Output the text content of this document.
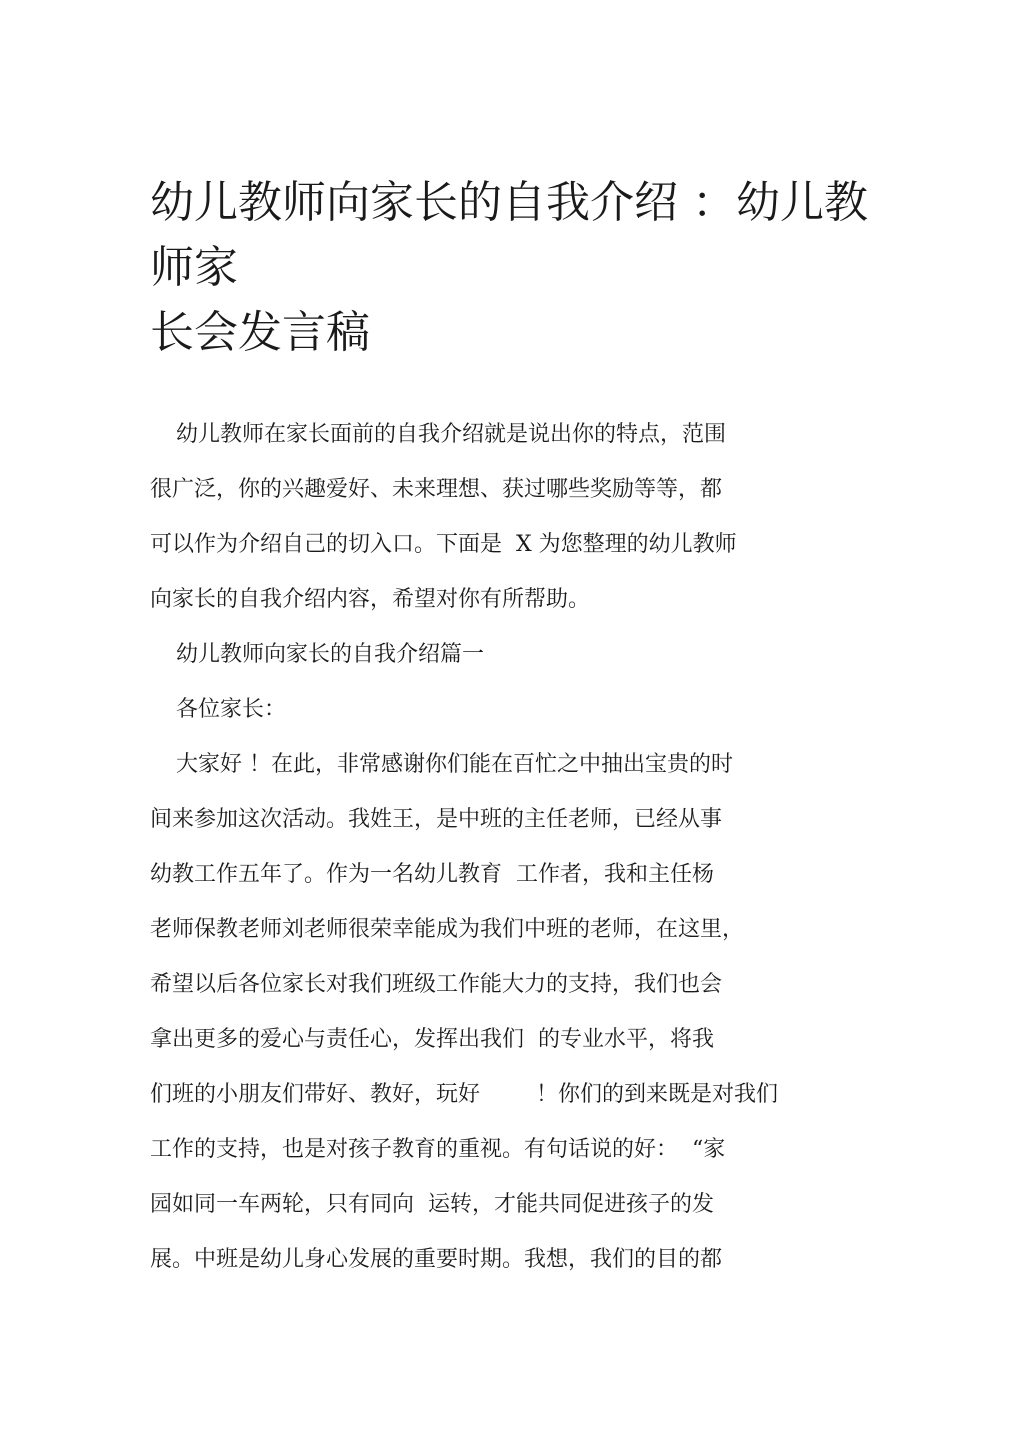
幼儿教师向家长的自我介绍 ：幼儿教
师家
长会发言稿

幼儿教师在家长面前的自我介绍就是说出你的特点，范围

很广泛，你的兴趣爱好、未来理想、获过哪些奖励等等，都

可以作为介绍自己的切入口。下面是  X 为您整理的幼儿教师

向家长的自我介绍内容，希望对你有所帮助。

幼儿教师向家长的自我介绍篇一

各位家长：

大家好 ！在此，非常感谢你们能在百忙之中抽出宝贵的时

间来参加这次活动。我姓王，是中班的主任老师，已经从事

幼教工作五年了。作为一名幼儿教育  工作者，我和主任杨

老师保教老师刘老师很荣幸能成为我们中班的老师，在这里，

希望以后各位家长对我们班级工作能大力的支持，我们也会

拿出更多的爱心与责任心，发挥出我们  的专业水平，将我

们班的小朋友们带好、教好，玩好        ！你们的到来既是对我们

工作的支持，也是对孩子教育的重视。有句话说的好：  “家

园如同一车两轮，只有同向  运转，才能共同促进孩子的发

展。中班是幼儿身心发展的重要时期。我想，我们的目的都
